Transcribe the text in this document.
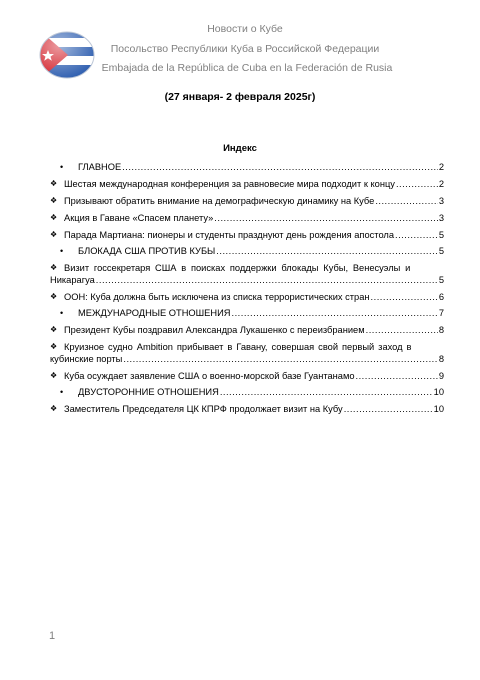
Новости о Кубе
Посольство Республики Куба в Российской Федерации
Embajada de la República de Cuba en la Federación de Rusia
(27 января- 2 февраля 2025г)
Индекс
•	ГЛАВНОЕ .....	2
❖ Шестая международная конференция за равновесие мира подходит к концу .....	2
❖ Призывают обратить внимание на демографическую динамику на Кубе .....	3
❖ Акция в Гаване «Спасем планету» .....	3
❖ Парада Мартиана: пионеры и студенты празднуют день рождения апостола .....	5
•	БЛОКАДА США ПРОТИВ КУБЫ .....	5
❖ Визит госсекретаря США в поисках поддержки блокады Кубы, Венесуэлы и
Никарагуа .....	5
❖ ООН: Куба должна быть исключена из списка террористических стран .....	6
•	МЕЖДУНАРОДНЫЕ ОТНОШЕНИЯ .....	7
❖ Президент Кубы поздравил Александра Лукашенко с переизбранием .....	8
❖ Круизное судно Ambition прибывает в Гавану, совершая свой первый заход в
кубинские порты .....	8
❖ Куба осуждает заявление США о военно-морской базе Гуантанамо .....	9
•	ДВУСТОРОННИЕ ОТНОШЕНИЯ .....	10
❖ Заместитель Председателя ЦК КПРФ продолжает визит на Кубу .....	10
1
